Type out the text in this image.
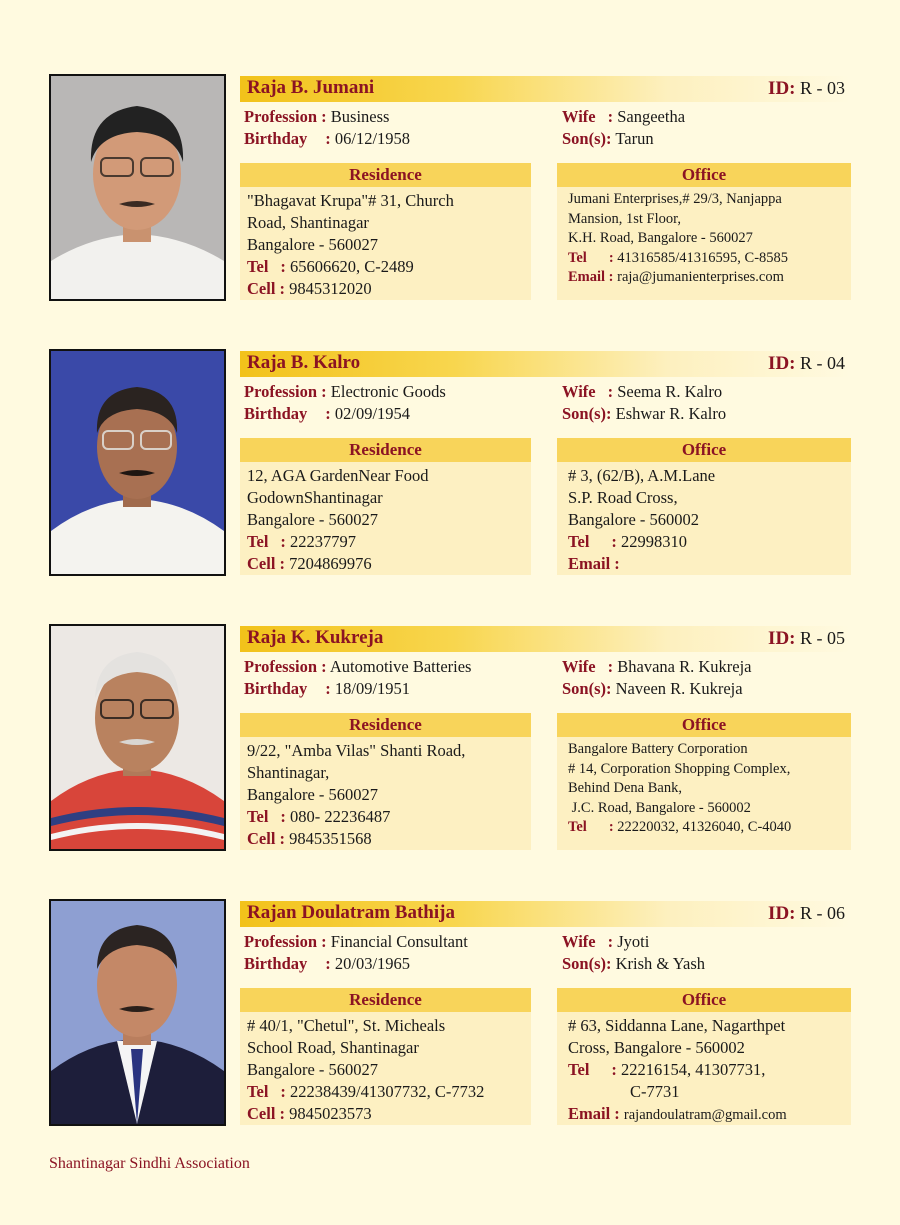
Raja B. Jumani	ID: R - 03
Profession : Business
Birthday : 06/12/1958
Wife : Sangeetha
Son(s): Tarun
Residence
"Bhagavat Krupa"# 31, Church
Road, Shantinagar
Bangalore - 560027
Tel : 65606620, C-2489
Cell : 9845312020
Office
Jumani Enterprises,# 29/3, Nanjappa
Mansion, 1st Floor,
K.H. Road, Bangalore - 560027
Tel : 41316585/41316595, C-8585
Email : raja@jumanienterprises.com
Raja B. Kalro	ID: R - 04
Profession : Electronic Goods
Birthday : 02/09/1954
Wife : Seema R. Kalro
Son(s): Eshwar R. Kalro
Residence
12, AGA GardenNear Food
GodownShantinagar
Bangalore - 560027
Tel : 22237797
Cell : 7204869976
Office
# 3, (62/B), A.M.Lane
S.P. Road Cross,
Bangalore - 560002
Tel : 22998310
Email :
Raja K. Kukreja	ID: R - 05
Profession : Automotive Batteries
Birthday : 18/09/1951
Wife : Bhavana R. Kukreja
Son(s): Naveen R. Kukreja
Residence
9/22, "Amba Vilas" Shanti Road,
Shantinagar,
Bangalore - 560027
Tel : 080- 22236487
Cell : 9845351568
Office
Bangalore Battery Corporation
# 14, Corporation Shopping Complex,
Behind Dena Bank,
J.C. Road, Bangalore - 560002
Tel : 22220032, 41326040, C-4040
Rajan Doulatram Bathija	ID: R - 06
Profession : Financial Consultant
Birthday : 20/03/1965
Wife : Jyoti
Son(s): Krish & Yash
Residence
# 40/1, "Chetul", St. Micheals
School Road, Shantinagar
Bangalore - 560027
Tel : 22238439/41307732, C-7732
Cell : 9845023573
Office
# 63, Siddanna Lane, Nagarthpet
Cross, Bangalore - 560002
Tel : 22216154, 41307731,
C-7731
Email : rajandoulatram@gmail.com
Shantinagar Sindhi Association
